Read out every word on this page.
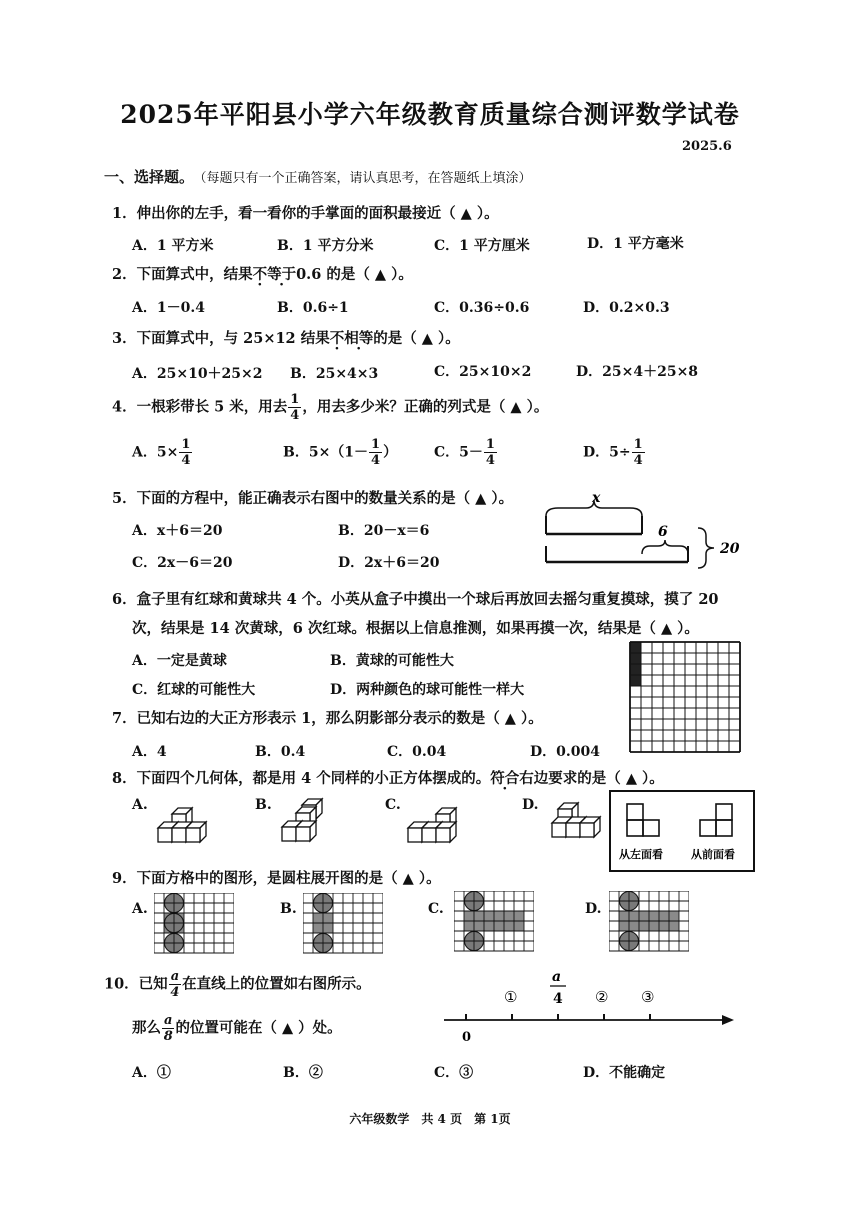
2025年平阳县小学六年级教育质量综合测评数学试卷
2025.6
一、选择题。 （每题只有一个正确答案，请认真思考，在答题纸上填涂）
1．伸出你的左手，看一看你的手掌面的面积最接近（ ▲ ）。
A．1 平方米	B．1 平方分米	C．1 平方厘米	D．1 平方毫米
2．下面算式中，结果不等于0.6 的是（ ▲ ）。
A．1－0.4	B．0.6÷1	C．0.36÷0.6	D．0.2×0.3
3．下面算式中，与 25×12 结果不相等的是（ ▲ ）。
A．25×10＋25×2 B．25×4×3	C．25×10×2	D．25×4＋25×8
4．一根彩带长 5 米，用去 $\frac{1}{4}$ ，用去多少米？正确的列式是（ ▲ ）。
A．$5\times \frac{1}{4}$	B．$5\times(1- \frac{1}{4}$ ）	C．$5- \frac{1}{4}$	D．$5\div \frac{1}{4}$
5．下面的方程中，能正确表示右图中的数量关系的是（ ▲ ）。
A．x＋6＝20	B．20－x＝6
C．2x－6＝20	D．2x＋6＝20
x
6
20
6．盒子里有红球和黄球共 4 个。小英从盒子中摸出一个球后再放回去摇匀重复摸球，摸了 20
次，结果是 14 次黄球，6 次红球。根据以上信息推测，如果再摸一次，结果是（ ▲ ）。
A．一定是黄球	B．黄球的可能性大
C．红球的可能性大	D．两种颜色的球可能性一样大
7．已知右边的大正方形表示 1，那么阴影部分表示的数是（ ▲ ）。
A．4	B．0.4	C．0.04	D．0.004
8．下面四个几何体，都是用 4 个同样的小正方体摆成的。符合右边要求的是（ ▲ ）。
A.	B.	C.	D.
从左面看	从前面看
9．下面方格中的图形，是圆柱展开图的是（ ▲ ）。
A.	B.	C.	D.
10．已知 $\frac{a}{4}$ 在直线上的位置如右图所示。
那么 $\frac{a}{8}$ 的位置可能在（ ▲ ）处。
A．①	B．②	C．③	D．不能确定
0
①
a
4 ② ③
六年级数学　共 4 页　第 1页
